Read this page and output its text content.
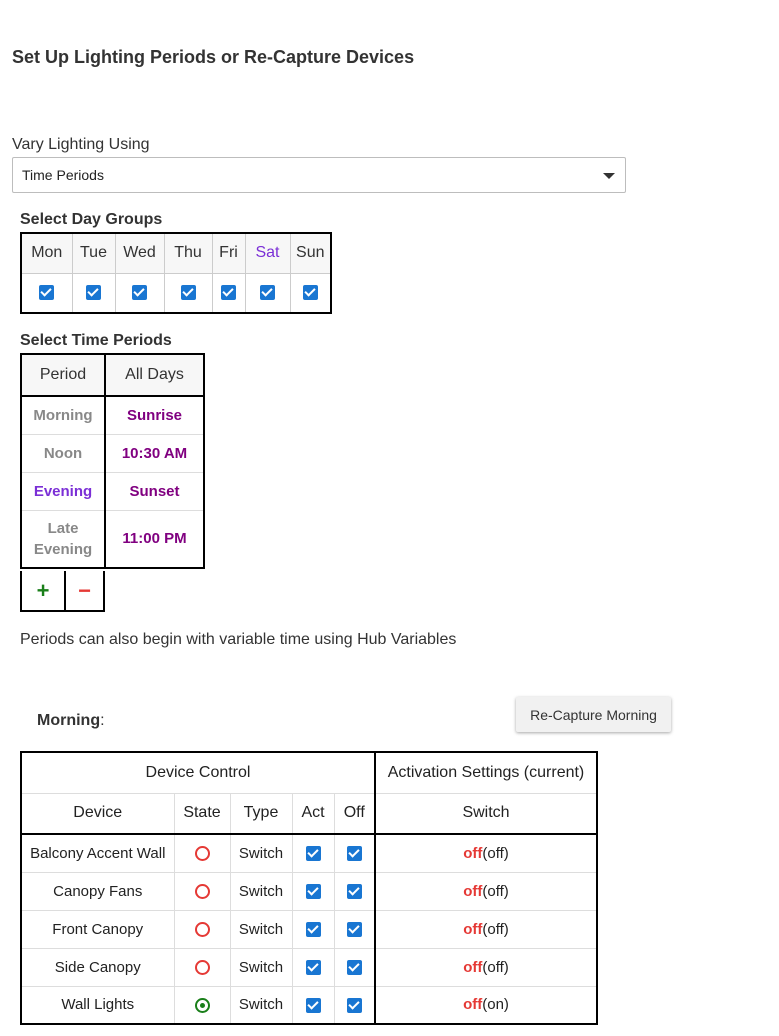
Set Up Lighting Periods or Re-Capture Devices
Vary Lighting Using
Time Periods
Select Day Groups
Mon	Tue	Wed	Thu	Fri	Sat	Sun

Select Time Periods
Period	All Days
Morning	Sunrise
Noon	10:30 AM
Evening	Sunset

Late
Evening	11:00 PM
+	−
Periods can also begin with variable time using Hub Variables
Morning:	Re-Capture Morning
Device Control					Activation Settings (current)
Device	State	Type	Act	Off	Switch
Balcony Accent Wall		Switch			off(off)
Canopy Fans		Switch			off(off)
Front Canopy		Switch			off(off)
Side Canopy		Switch			off(off)
Wall Lights		Switch			off(on)
